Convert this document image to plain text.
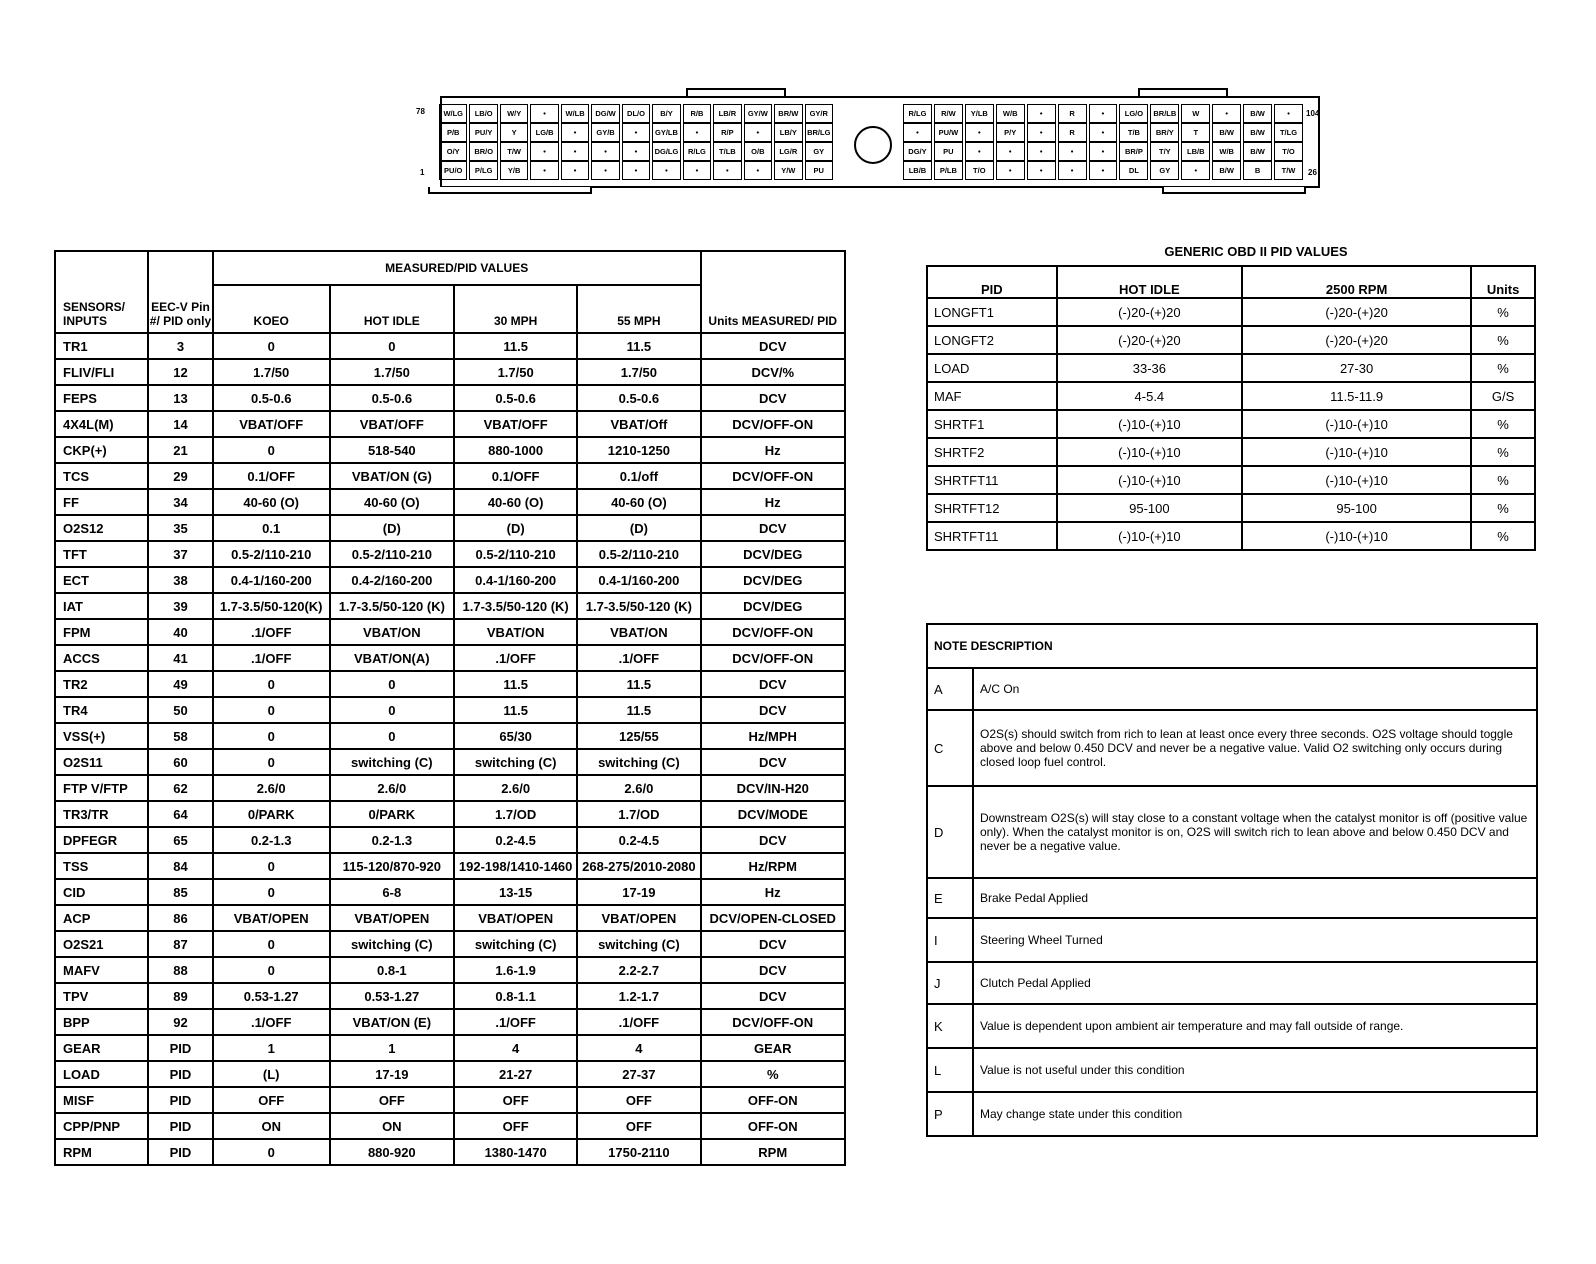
78
1
104
26
W/LG	LB/O	W/Y	•	W/LB	DG/W	DL/O	B/Y	R/B	LB/R	GY/W	BR/W	GY/R
P/B	PU/Y	Y	LG/B	•	GY/B	•	GY/LB	•	R/P	•	LB/Y	BR/LG
O/Y	BR/O	T/W	•	•	•	•	DG/LG	R/LG	T/LB	O/B	LG/R	GY
PU/O	P/LG	Y/B	•	•	•	•	•	•	•	•	Y/W	PU
R/LG	R/W	Y/LB	W/B	•	R	•	LG/O	BR/LB	W	•	B/W	•
•	PU/W	•	P/Y	•	R	•	T/B	BR/Y	T	B/W	B/W	T/LG
DG/Y	PU	•	•	•	•	•	BR/P	T/Y	LB/B	W/B	B/W	T/O
LB/B	P/LB	T/O	•	•	•	•	DL	GY	•	B/W	B	T/W
SENSORS/ INPUTS	EEC-V Pin #/ PID only	MEASURED/PID VALUES				Units MEASURED/ PID
		KOEO	HOT IDLE	30 MPH	55 MPH	
TR1	3	0	0	11.5	11.5	DCV
FLIV/FLI	12	1.7/50	1.7/50	1.7/50	1.7/50	DCV/%
FEPS	13	0.5-0.6	0.5-0.6	0.5-0.6	0.5-0.6	DCV
4X4L(M)	14	VBAT/OFF	VBAT/OFF	VBAT/OFF	VBAT/Off	DCV/OFF-ON
CKP(+)	21	0	518-540	880-1000	1210-1250	Hz
TCS	29	0.1/OFF	VBAT/ON (G)	0.1/OFF	0.1/off	DCV/OFF-ON
FF	34	40-60 (O)	40-60 (O)	40-60 (O)	40-60 (O)	Hz
O2S12	35	0.1	(D)	(D)	(D)	DCV
TFT	37	0.5-2/110-210	0.5-2/110-210	0.5-2/110-210	0.5-2/110-210	DCV/DEG
ECT	38	0.4-1/160-200	0.4-2/160-200	0.4-1/160-200	0.4-1/160-200	DCV/DEG
IAT	39	1.7-3.5/50-120(K)	1.7-3.5/50-120 (K)	1.7-3.5/50-120 (K)	1.7-3.5/50-120 (K)	DCV/DEG
FPM	40	.1/OFF	VBAT/ON	VBAT/ON	VBAT/ON	DCV/OFF-ON
ACCS	41	.1/OFF	VBAT/ON(A)	.1/OFF	.1/OFF	DCV/OFF-ON
TR2	49	0	0	11.5	11.5	DCV
TR4	50	0	0	11.5	11.5	DCV
VSS(+)	58	0	0	65/30	125/55	Hz/MPH
O2S11	60	0	switching (C)	switching (C)	switching (C)	DCV
FTP V/FTP	62	2.6/0	2.6/0	2.6/0	2.6/0	DCV/IN-H20
TR3/TR	64	0/PARK	0/PARK	1.7/OD	1.7/OD	DCV/MODE
DPFEGR	65	0.2-1.3	0.2-1.3	0.2-4.5	0.2-4.5	DCV
TSS	84	0	115-120/870-920	192-198/1410-1460	268-275/2010-2080	Hz/RPM
CID	85	0	6-8	13-15	17-19	Hz
ACP	86	VBAT/OPEN	VBAT/OPEN	VBAT/OPEN	VBAT/OPEN	DCV/OPEN-CLOSED
O2S21	87	0	switching (C)	switching (C)	switching (C)	DCV
MAFV	88	0	0.8-1	1.6-1.9	2.2-2.7	DCV
TPV	89	0.53-1.27	0.53-1.27	0.8-1.1	1.2-1.7	DCV
BPP	92	.1/OFF	VBAT/ON (E)	.1/OFF	.1/OFF	DCV/OFF-ON
GEAR	PID	1	1	4	4	GEAR
LOAD	PID	(L)	17-19	21-27	27-37	%
MISF	PID	OFF	OFF	OFF	OFF	OFF-ON
CPP/PNP	PID	ON	ON	OFF	OFF	OFF-ON
RPM	PID	0	880-920	1380-1470	1750-2110	RPM
GENERIC OBD II PID VALUES
PID	HOT IDLE	2500 RPM	Units
LONGFT1	(-)20-(+)20	(-)20-(+)20	%
LONGFT2	(-)20-(+)20	(-)20-(+)20	%
LOAD	33-36	27-30	%
MAF	4-5.4	11.5-11.9	G/S
SHRTF1	(-)10-(+)10	(-)10-(+)10	%
SHRTF2	(-)10-(+)10	(-)10-(+)10	%
SHRTFT11	(-)10-(+)10	(-)10-(+)10	%
SHRTFT12	95-100	95-100	%
SHRTFT11	(-)10-(+)10	(-)10-(+)10	%
NOTE DESCRIPTION	
A	A/C On
C	O2S(s) should switch from rich to lean at least once every three seconds. O2S voltage should toggle above and below 0.450 DCV and never be a negative value. Valid O2 switching only occurs during closed loop fuel control.
D	Downstream O2S(s) will stay close to a constant voltage when the catalyst monitor is off (positive value only). When the catalyst monitor is on, O2S will switch rich to lean above and below 0.450 DCV and never be a negative value.
E	Brake Pedal Applied
I	Steering Wheel Turned
J	Clutch Pedal Applied
K	Value is dependent upon ambient air temperature and may fall outside of range.
L	Value is not useful under this condition
P	May change state under this condition
